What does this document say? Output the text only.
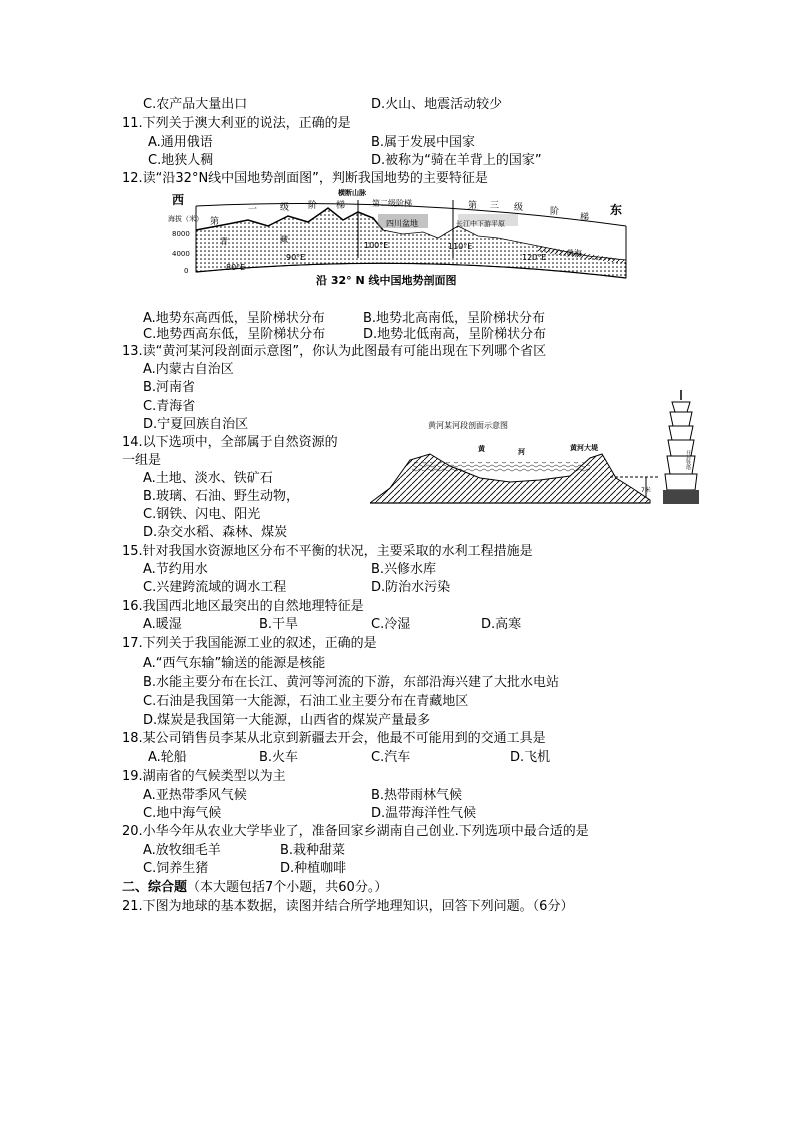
C.农产品大量出口	D.火山、地震活动较少
11.下列关于澳大利亚的说法，正确的是
A.通用俄语	B.属于发展中国家
C.地狭人稠	D.被称为“骑在羊背上的国家”
12.读“沿32°N线中国地势剖面图”，判断我国地势的主要特征是
西
东
海拔（米）
8000
4000
0
横断山脉
第
一	级 阶 梯
青	藏
第二级阶梯
四川盆地
第 三 级	阶
梯
长江中下游平原
黄海
80°E
90°E
100°E	110°E
120°E
沿 32° N 线中国地势剖面图
A.地势东高西低，呈阶梯状分布	B.地势北高南低，呈阶梯状分布
C.地势西高东低，呈阶梯状分布	D.地势北低南高，呈阶梯状分布
13.读“黄河某河段剖面示意图”，你认为此图最有可能出现在下列哪个省区
A.内蒙古自治区
B.河南省
C.青海省
D.宁夏回族自治区	黄河某河段剖面示意图
黄	河	黄河大堤
7米
开封铁塔
14.以下选项中，全部属于自然资源的
一组是
A.土地、淡水、铁矿石
B.玻璃、石油、野生动物，
C.钢铁、闪电、阳光
D.杂交水稻、森林、煤炭
15.针对我国水资源地区分布不平衡的状况，主要采取的水利工程措施是
A.节约用水	B.兴修水库
C.兴建跨流域的调水工程	D.防治水污染
16.我国西北地区最突出的自然地理特征是
A.暖湿	B.干旱	C.冷湿	D.高寒
17.下列关于我国能源工业的叙述，正确的是
A.“西气东输”输送的能源是核能
B.水能主要分布在长江、黄河等河流的下游，东部沿海兴建了大批水电站
C.石油是我国第一大能源，石油工业主要分布在青藏地区
D.煤炭是我国第一大能源，山西省的煤炭产量最多
18.某公司销售员李某从北京到新疆去开会，他最不可能用到的交通工具是
A.轮船	B.火车	C.汽车	D.飞机
19.湖南省的气候类型以为主
A.亚热带季风气候	B.热带雨林气候
C.地中海气候	D.温带海洋性气候
20.小华今年从农业大学毕业了，准备回家乡湖南自己创业.下列选项中最合适的是
A.放牧细毛羊	B.栽种甜菜
C.饲养生猪	D.种植咖啡
二、综合题（本大题包括7个小题，共60分。）
21.下图为地球的基本数据，读图并结合所学地理知识，回答下列问题。（6分）
